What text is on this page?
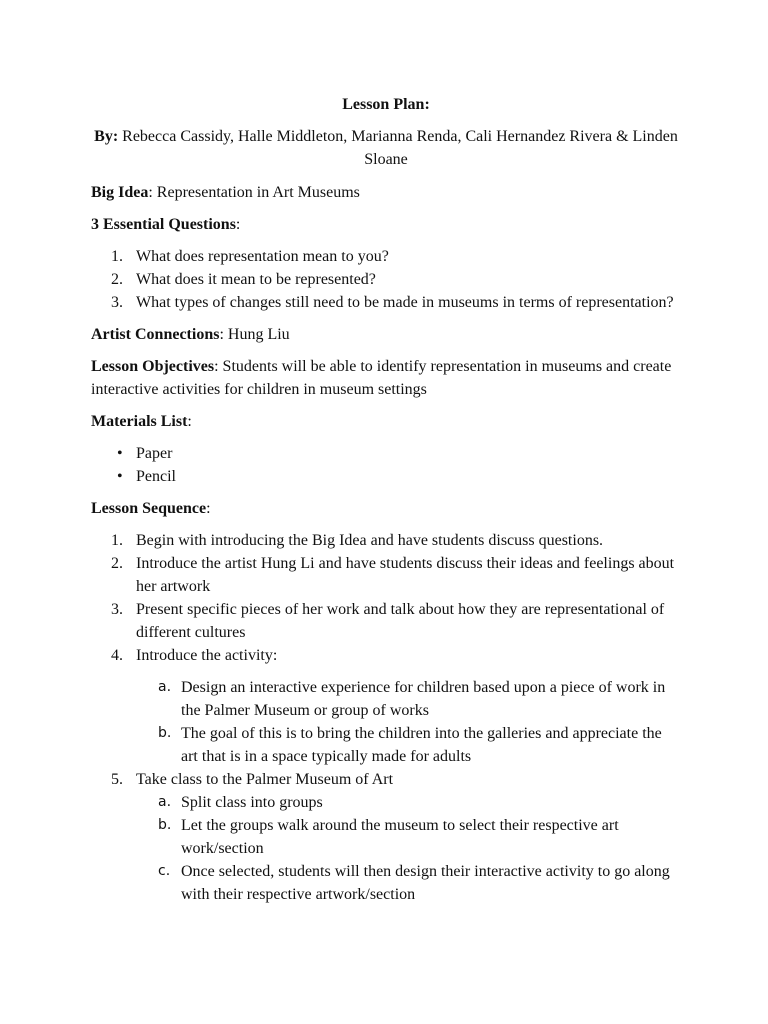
Lesson Plan:

By: Rebecca Cassidy, Halle Middleton, Marianna Renda, Cali Hernandez Rivera & Linden Sloane

Big Idea: Representation in Art Museums

3 Essential Questions:

1. What does representation mean to you?
2. What does it mean to be represented?
3. What types of changes still need to be made in museums in terms of representation?

Artist Connections: Hung Liu

Lesson Objectives: Students will be able to identify representation in museums and create interactive activities for children in museum settings

Materials List:

• Paper
• Pencil

Lesson Sequence:

1. Begin with introducing the Big Idea and have students discuss questions.
2. Introduce the artist Hung Li and have students discuss their ideas and feelings about her artwork
3. Present specific pieces of her work and talk about how they are representational of different cultures
4. Introduce the activity:
a. Design an interactive experience for children based upon a piece of work in the Palmer Museum or group of works
b. The goal of this is to bring the children into the galleries and appreciate the art that is in a space typically made for adults
5. Take class to the Palmer Museum of Art
a. Split class into groups
b. Let the groups walk around the museum to select their respective art work/section
c. Once selected, students will then design their interactive activity to go along with their respective artwork/section
